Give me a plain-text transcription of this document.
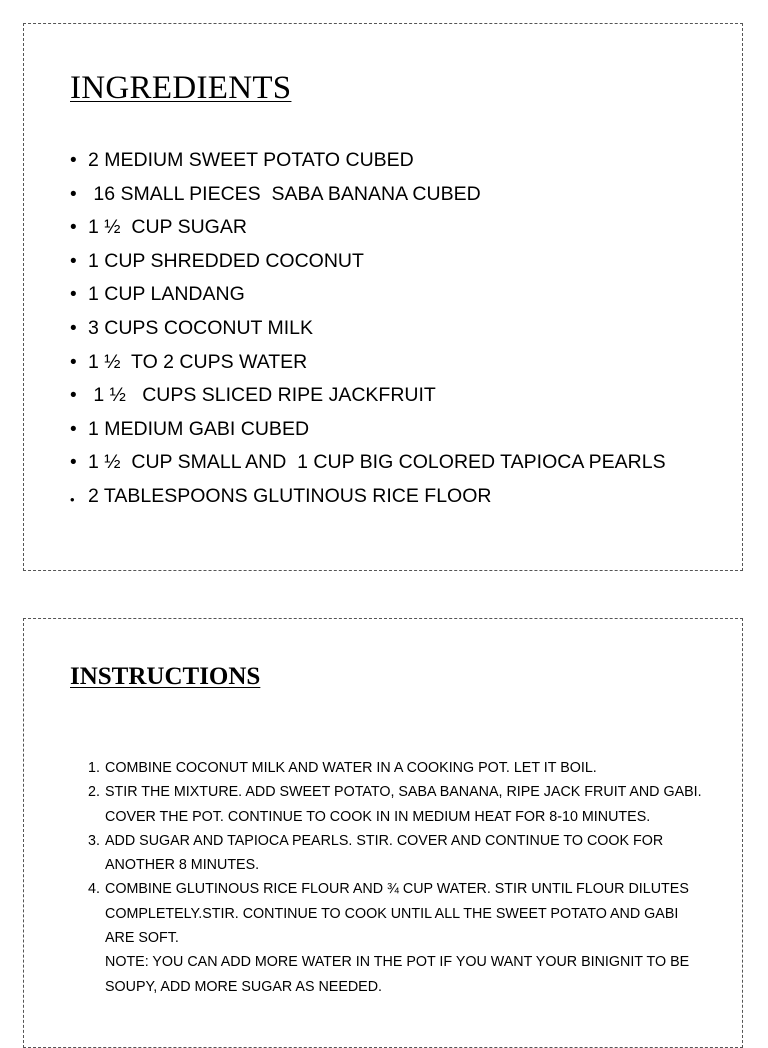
INGREDIENTS
• 2 MEDIUM SWEET POTATO CUBED
• 16 SMALL PIECES  SABA BANANA CUBED
• 1 ½  CUP SUGAR
• 1 CUP SHREDDED COCONUT
• 1 CUP LANDANG
• 3 CUPS COCONUT MILK
• 1 ½  TO 2 CUPS WATER
• 1 ½   CUPS SLICED RIPE JACKFRUIT
• 1 MEDIUM GABI CUBED
• 1 ½  CUP SMALL AND  1 CUP BIG COLORED TAPIOCA PEARLS
• 2 TABLESPOONS GLUTINOUS RICE FLOOR
INSTRUCTIONS
1. COMBINE COCONUT MILK AND WATER IN A COOKING POT. LET IT BOIL.
2. STIR THE MIXTURE. ADD SWEET POTATO, SABA BANANA, RIPE JACK FRUIT AND GABI. COVER THE POT. CONTINUE TO COOK IN IN MEDIUM HEAT FOR 8-10 MINUTES.
3. ADD SUGAR AND TAPIOCA PEARLS. STIR. COVER AND CONTINUE TO COOK FOR ANOTHER 8 MINUTES.
4. COMBINE GLUTINOUS RICE FLOUR AND ¾ CUP WATER. STIR UNTIL FLOUR DILUTES COMPLETELY.STIR. CONTINUE TO COOK UNTIL ALL THE SWEET POTATO AND GABI ARE SOFT.
NOTE: YOU CAN ADD MORE WATER IN THE POT IF YOU WANT YOUR BINIGNIT TO BE SOUPY, ADD MORE SUGAR AS NEEDED.
